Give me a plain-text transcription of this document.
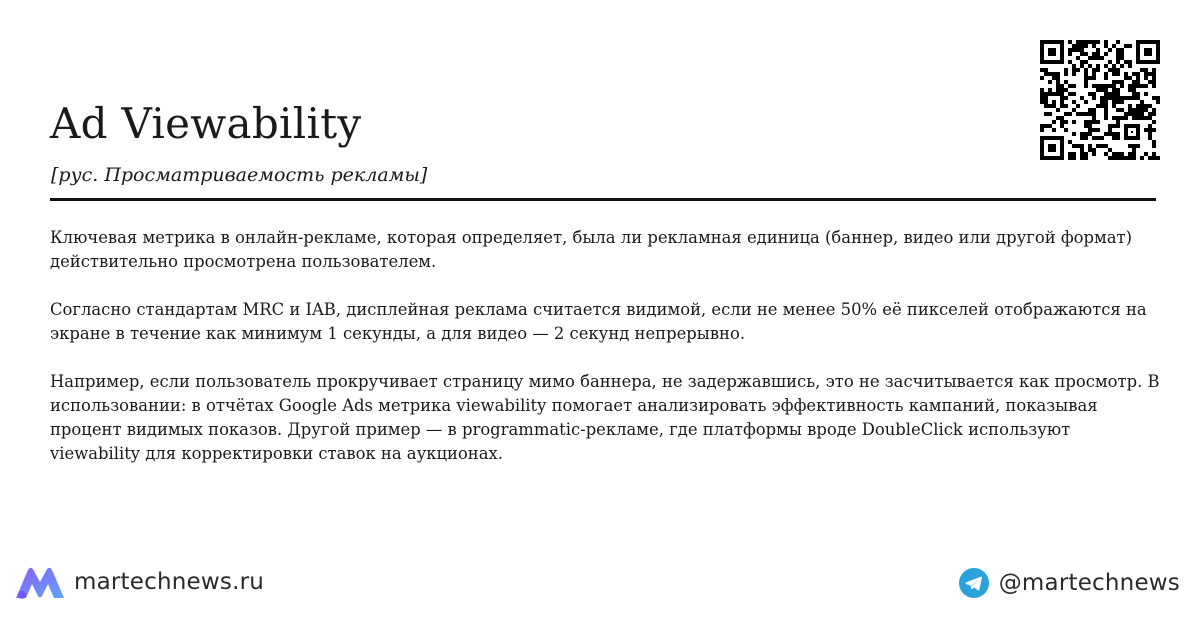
Ad Viewability
[рус. Просматриваемость рекламы]

Ключевая метрика в онлайн-рекламе, которая определяет, была ли рекламная единица (баннер, видео или другой формат) действительно просмотрена пользователем.

Согласно стандартам MRC и IAB, дисплейная реклама считается видимой, если не менее 50% её пикселей отображаются на экране в течение как минимум 1 секунды, а для видео — 2 секунд непрерывно.

Например, если пользователь прокручивает страницу мимо баннера, не задержавшись, это не засчитывается как просмотр. В использовании: в отчётах Google Ads метрика viewability помогает анализировать эффективность кампаний, показывая процент видимых показов. Другой пример — в programmatic-рекламе, где платформы вроде DoubleClick используют viewability для корректировки ставок на аукционах.

martechnews.ru	@martechnews
